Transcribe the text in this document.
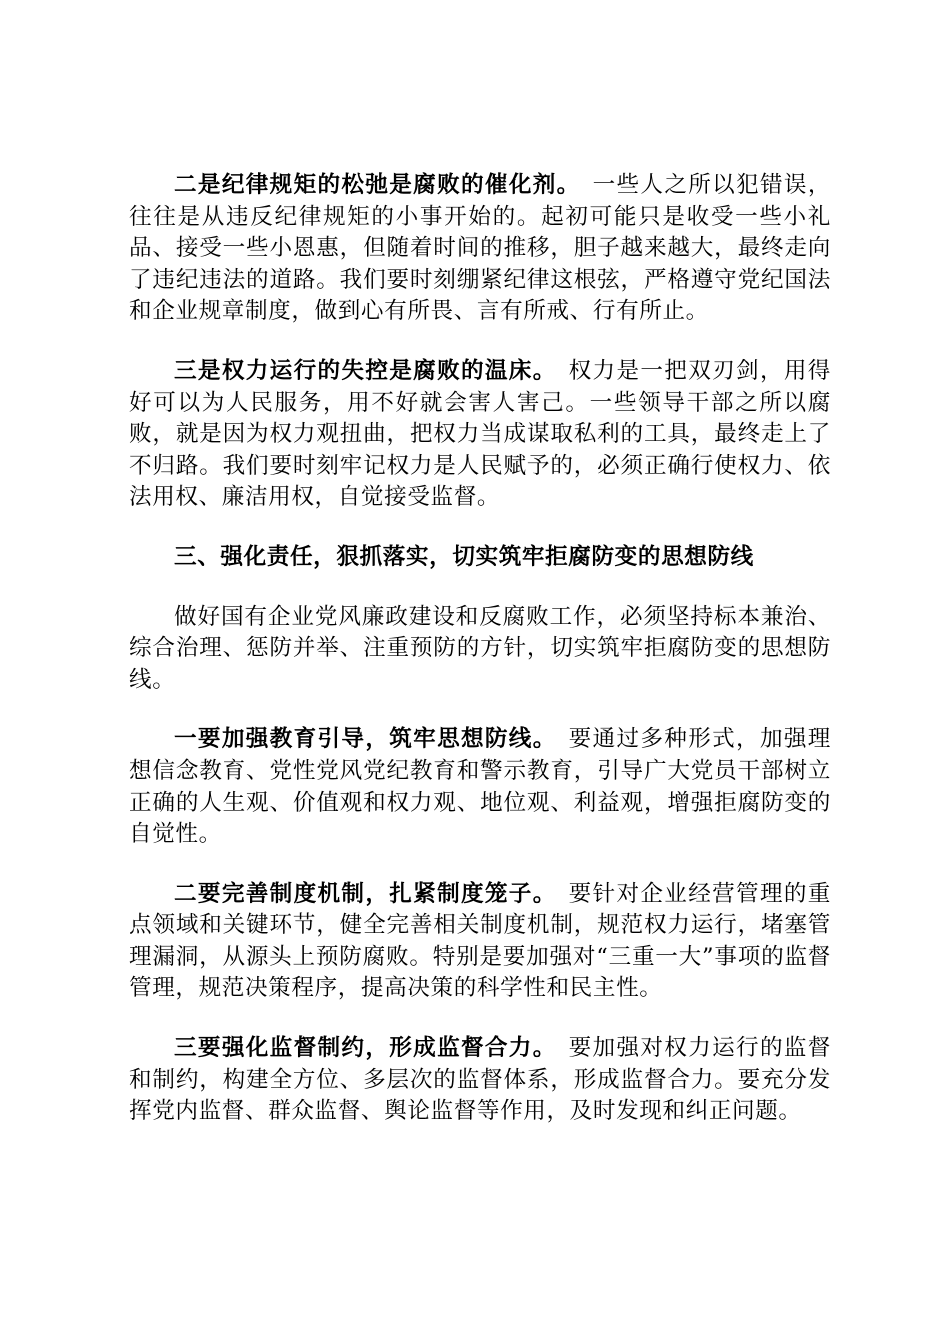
二是纪律规矩的松弛是腐败的催化剂。 一些人之所以犯错误，往往是从违反纪律规矩的小事开始的。起初可能只是收受一些小礼品、接受一些小恩惠，但随着时间的推移，胆子越来越大，最终走向了违纪违法的道路。我们要时刻绷紧纪律这根弦，严格遵守党纪国法和企业规章制度，做到心有所畏、言有所戒、行有所止。

三是权力运行的失控是腐败的温床。 权力是一把双刃剑，用得好可以为人民服务，用不好就会害人害己。一些领导干部之所以腐败，就是因为权力观扭曲，把权力当成谋取私利的工具，最终走上了不归路。我们要时刻牢记权力是人民赋予的，必须正确行使权力、依法用权、廉洁用权，自觉接受监督。

三、强化责任，狠抓落实，切实筑牢拒腐防变的思想防线

做好国有企业党风廉政建设和反腐败工作，必须坚持标本兼治、综合治理、惩防并举、注重预防的方针，切实筑牢拒腐防变的思想防线。

一要加强教育引导，筑牢思想防线。 要通过多种形式，加强理想信念教育、党性党风党纪教育和警示教育，引导广大党员干部树立正确的人生观、价值观和权力观、地位观、利益观，增强拒腐防变的自觉性。

二要完善制度机制，扎紧制度笼子。 要针对企业经营管理的重点领域和关键环节，健全完善相关制度机制，规范权力运行，堵塞管理漏洞，从源头上预防腐败。特别是要加强对“三重一大”事项的监督管理，规范决策程序，提高决策的科学性和民主性。

三要强化监督制约，形成监督合力。 要加强对权力运行的监督和制约，构建全方位、多层次的监督体系，形成监督合力。要充分发挥党内监督、群众监督、舆论监督等作用，及时发现和纠正问题。
